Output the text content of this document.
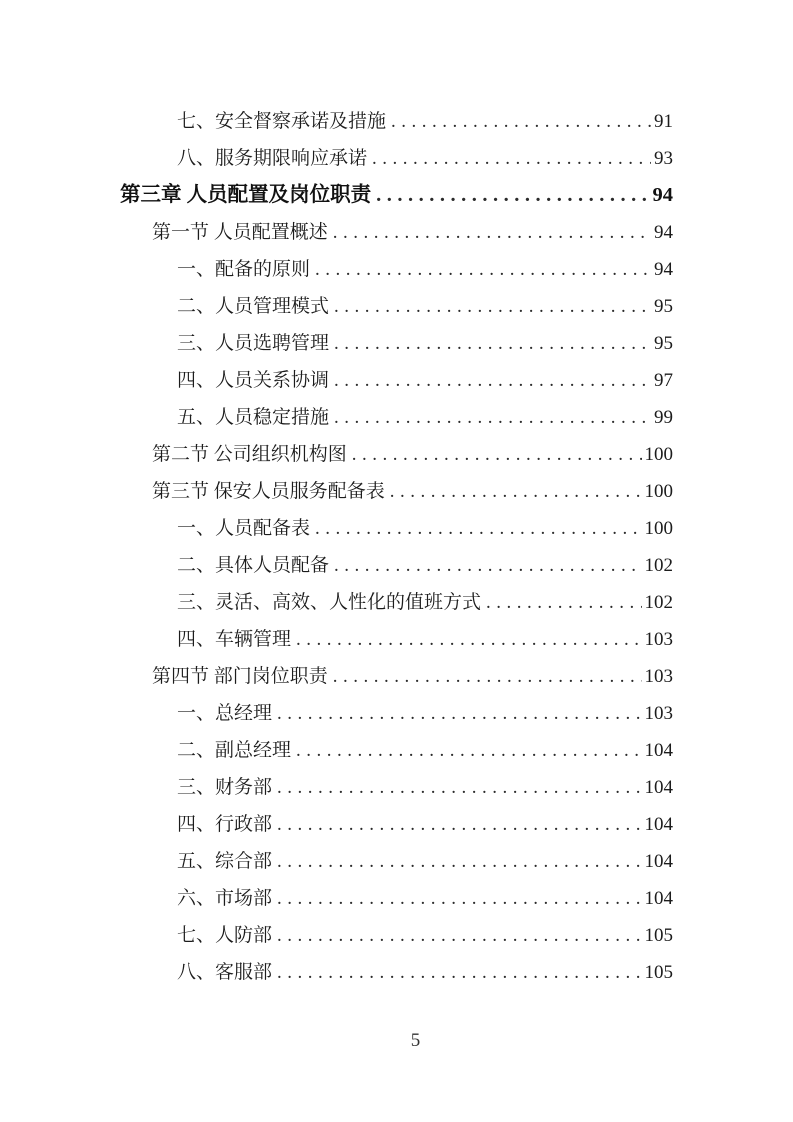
七、安全督察承诺及措施 .....	91
八、服务期限响应承诺 .....	93
第三章 人员配置及岗位职责 .....	94
第一节 人员配置概述 .....	94
一、配备的原则 .....	94
二、人员管理模式 .....	95
三、人员选聘管理 .....	95
四、人员关系协调 .....	97
五、人员稳定措施 .....	99
第二节 公司组织机构图 .....	100
第三节 保安人员服务配备表 .....	100
一、人员配备表 .....	100
二、具体人员配备 .....	102
三、灵活、高效、人性化的值班方式 .....	102
四、车辆管理 .....	103
第四节 部门岗位职责 .....	103
一、总经理 .....	103
二、副总经理 .....	104
三、财务部 .....	104
四、行政部 .....	104
五、综合部 .....	104
六、市场部 .....	104
七、人防部 .....	105
八、客服部 .....	105
5
